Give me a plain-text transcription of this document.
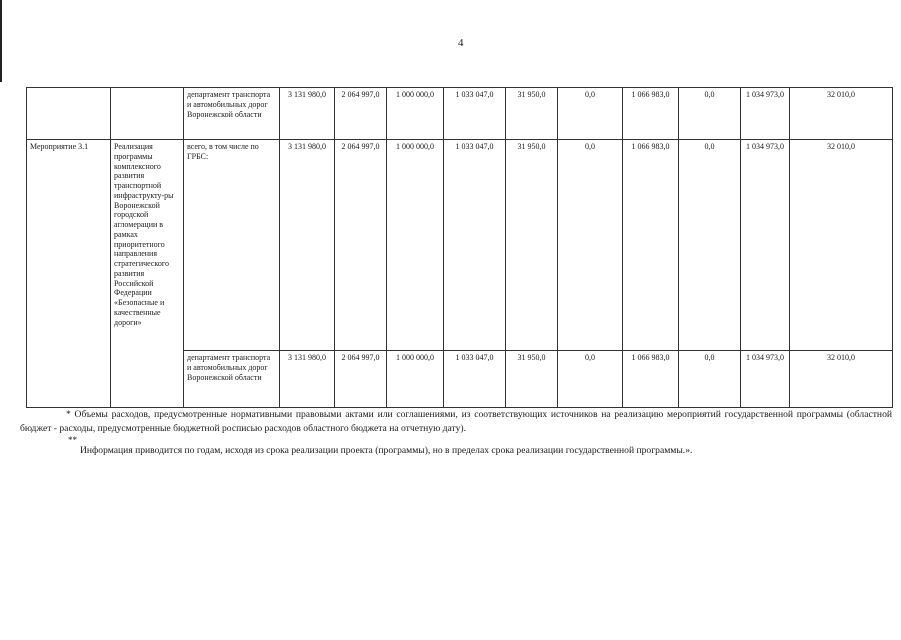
4
		департамент транспорта и автомобильных дорог Воронежской области	3 131 980,0	2 064 997,0	1 000 000,0	1 033 047,0	31 950,0	0,0	1 066 983,0	0,0	1 034 973,0	32 010,0	
Мероприятие 3.1	Реализация программы комплексного развития транспортной инфраструкту-ры Воронежской городской агломерации в рамках приоритетного направления стратегического развития Российской Федерации «Безопасные и качественные дороги»	всего, в том числе по ГРБС:	3 131 980,0	2 064 997,0	1 000 000,0	1 033 047,0	31 950,0	0,0	1 066 983,0	0,0	1 034 973,0	32 010,0	
		департамент транспорта и автомобильных дорог Воронежской области	3 131 980,0	2 064 997,0	1 000 000,0	1 033 047,0	31 950,0	0,0	1 066 983,0	0,0	1 034 973,0	32 010,0	
* Объемы расходов, предусмотренные нормативными правовыми актами или соглашениями, из соответствующих источников на реализацию мероприятий государственной программы (областной бюджет - расходы, предусмотренные бюджетной росписью расходов областного бюджета на отчетную дату).
**
Информация приводится по годам, исходя из срока реализации проекта (программы), но в пределах срока реализации государственной программы.».
